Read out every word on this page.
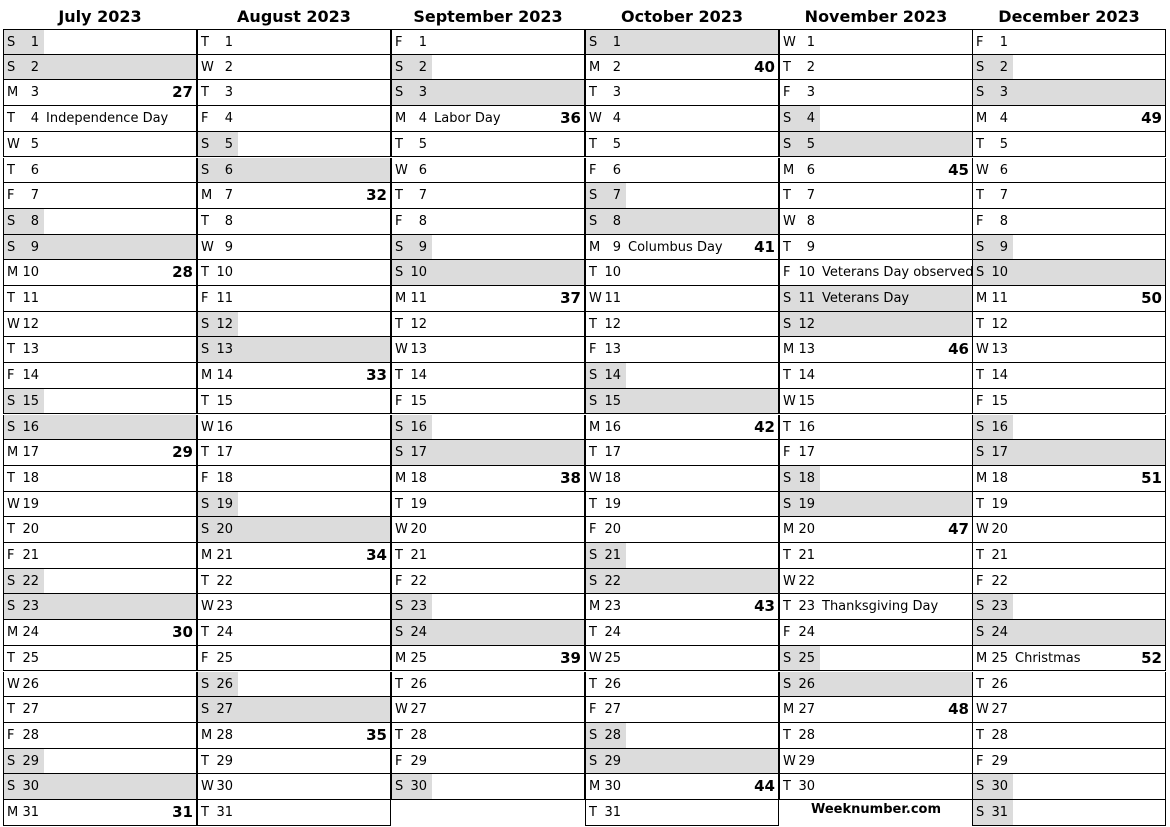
July 2023
S	1
S	2
M 3	27
T	4 Independence Day
W 5
T	6
F	7
S	8
S	9
M 10	28
T 11
W 12
T 13
F 14
S 15
S 16
M 17	29
T 18
W 19
T 20
F 21
S 22
S 23
M 24	30
T 25
W 26
T 27
F 28
S 29
S 30
M 31	31
August 2023
T	1
W 2
T	3
F	4
S	5
S	6
M 7	32
T	8
W 9
T 10
F 11
S 12
S 13
M 14	33
T 15
W 16
T 17
F 18
S 19
S 20
M 21	34
T 22
W 23
T 24
F 25
S 26
S 27
M 28	35
T 29
W 30
T 31
September 2023
F	1
S	2
S	3
M 4 Labor Day	36
T	5
W 6
T	7
F	8
S	9
S 10
M 11	37
T 12
W 13
T 14
F 15
S 16
S 17
M 18	38
T 19
W 20
T 21
F 22
S 23
S 24
M 25	39
T 26
W 27
T 28
F 29
S 30
October 2023
S	1
M 2	40
T	3
W 4
T	5
F	6
S	7
S	8
M 9 Columbus Day 41
T 10
W 11
T 12
F 13
S 14
S 15
M 16	42
T 17
W 18
T 19
F 20
S 21
S 22
M 23	43
T 24
W 25
T 26
F 27
S 28
S 29
M 30	44
T 31
November 2023
W 1
T	2
F	3
S	4
S	5
M 6	45
T	7
W 8
T	9
F 10 Veterans Day observed
S 11 Veterans Day
S 12
M 13	46
T 14
W 15
T 16
F 17
S 18
S 19
M 20	47
T 21
W 22
T 23 Thanksgiving Day
F 24
S 25
S 26
M 27	48
T 28
W 29
T 30
December 2023
F	1
S	2
S	3
M 4	49
T	5
W 6
T	7
F	8
S	9
S 10
M 11	50
T 12
W 13
T 14
F 15
S 16
S 17
M 18	51
T 19
W 20
T 21
F 22
S 23
S 24
M 25 Christmas	52
T 26
W 27
T 28
F 29
S 30
S 31
Weeknumber.com
